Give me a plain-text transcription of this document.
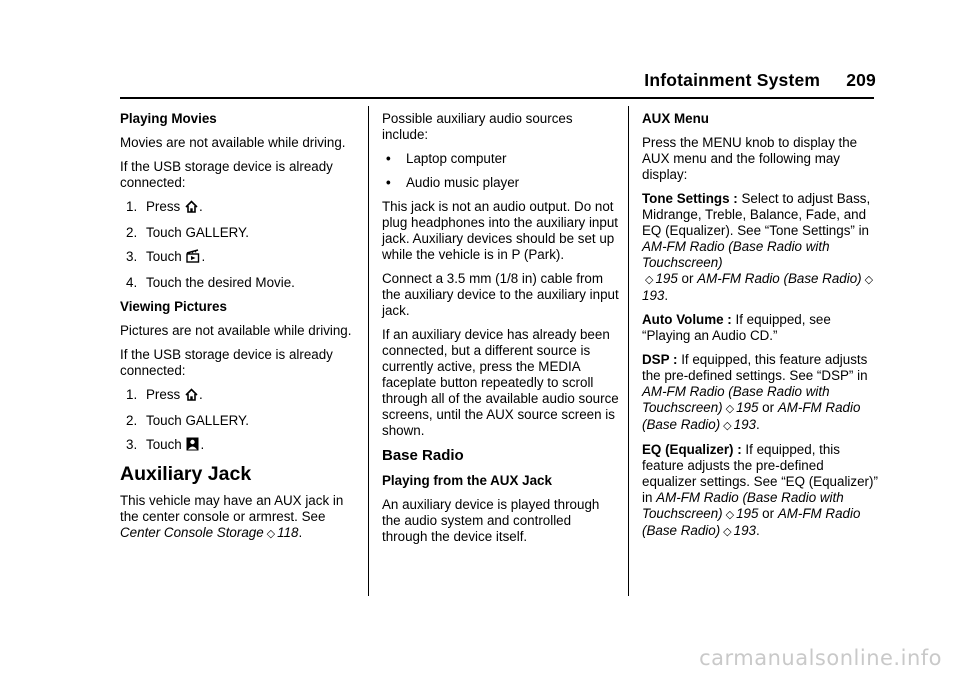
Infotainment System 209

Playing Movies

Movies are not available while driving.

If the USB storage device is already connected:

1. Press .
2. Touch GALLERY.
3. Touch .
4. Touch the desired Movie.

Viewing Pictures

Pictures are not available while driving.

If the USB storage device is already connected:

1. Press .
2. Touch GALLERY.
3. Touch .

Auxiliary Jack

This vehicle may have an AUX jack in the center console or armrest. See Center Console Storage ◇ 118.

Possible auxiliary audio sources include:

•	Laptop computer
•	Audio music player

This jack is not an audio output. Do not plug headphones into the auxiliary input jack. Auxiliary devices should be set up while the vehicle is in P (Park).

Connect a 3.5 mm (1/8 in) cable from the auxiliary device to the auxiliary input jack.

If an auxiliary device has already been connected, but a different source is currently active, press the MEDIA faceplate button repeatedly to scroll through all of the available audio source screens, until the AUX source screen is shown.

Base Radio

Playing from the AUX Jack

An auxiliary device is played through the audio system and controlled through the device itself.

AUX Menu

Press the MENU knob to display the AUX menu and the following may display:

Tone Settings : Select to adjust Bass, Midrange, Treble, Balance, Fade, and EQ (Equalizer). See “Tone Settings” in AM-FM Radio (Base Radio with Touchscreen)
◇ 195 or AM-FM Radio (Base Radio) ◇193.

Auto Volume : If equipped, see “Playing an Audio CD.”

DSP : If equipped, this feature adjusts the pre-defined settings. See “DSP” in AM-FM Radio (Base Radio with Touchscreen) ◇ 195 or AM-FM Radio (Base Radio) ◇ 193.

EQ (Equalizer) : If equipped, this feature adjusts the pre-defined equalizer settings. See “EQ (Equalizer)” in AM-FM Radio (Base Radio with Touchscreen) ◇ 195 or AM-FM Radio (Base Radio) ◇ 193.

carmanualsonline.info
